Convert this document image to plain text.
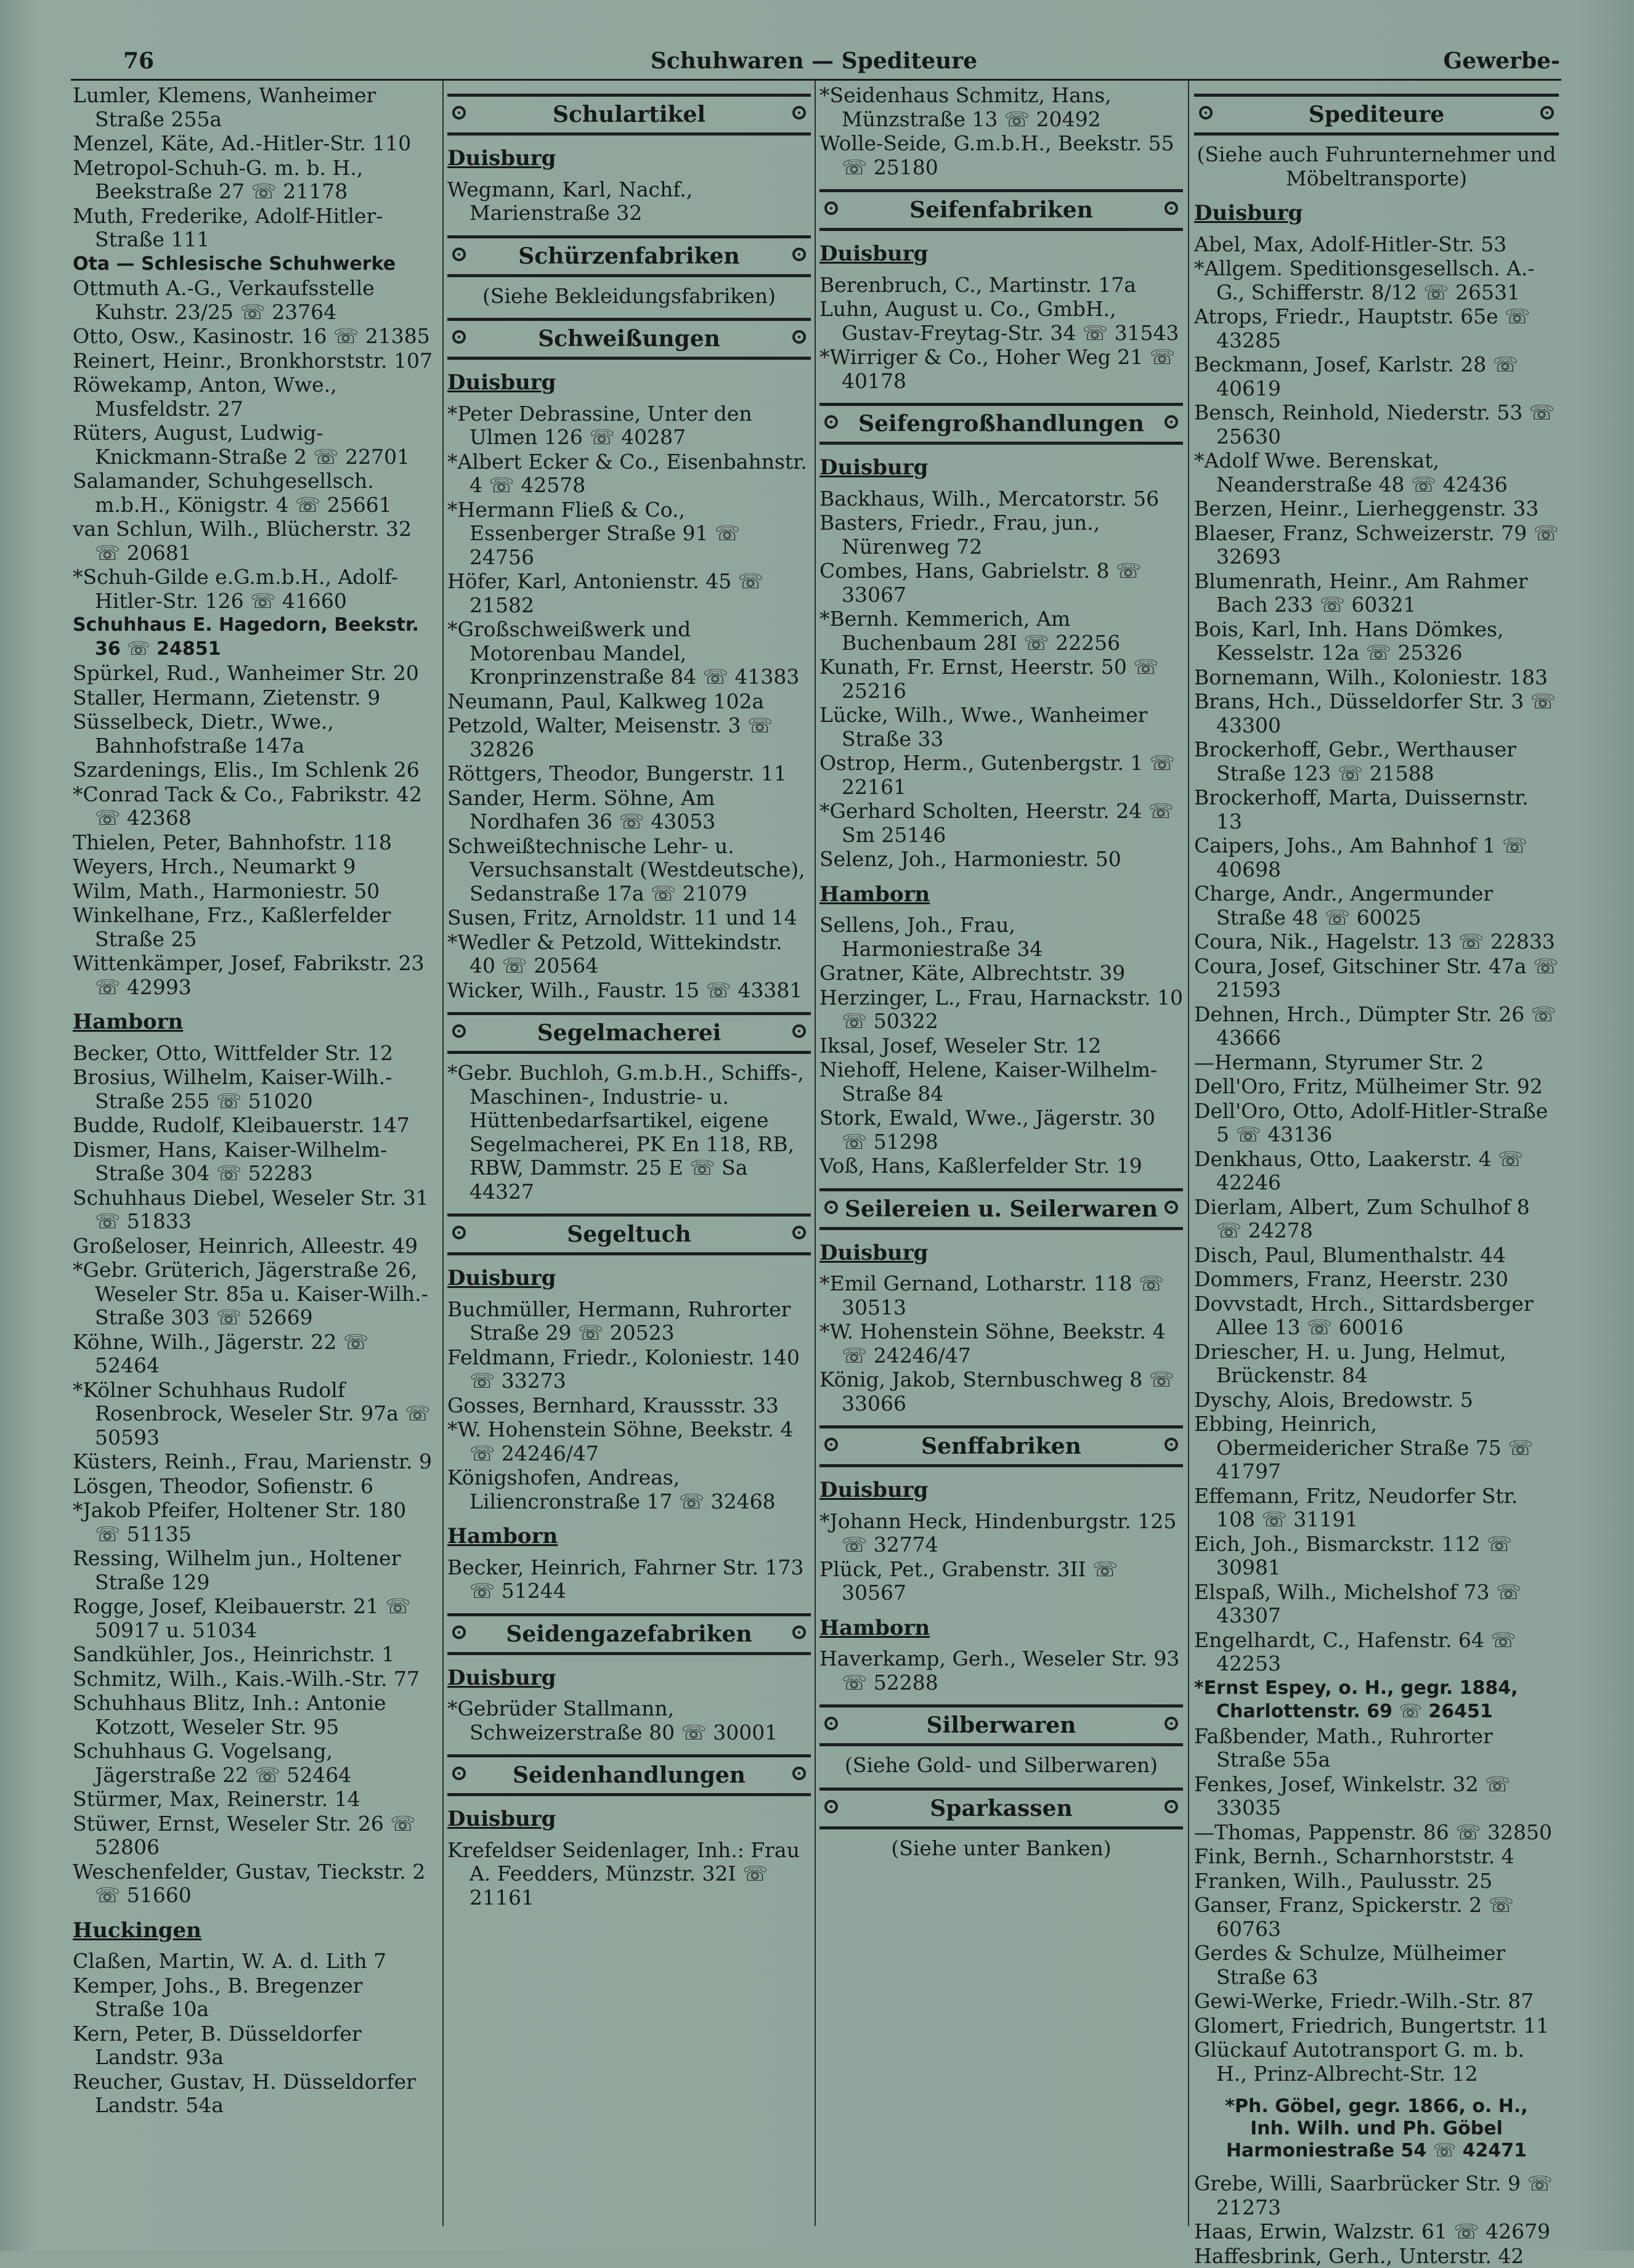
76	Schuhwaren — Spediteure	Gewerbe-
Lumler, Klemens, Wanheimer Straße 255a
Menzel, Käte, Ad.-Hitler-Str. 110
Metropol-Schuh-G. m. b. H., Beekstraße 27 ☏ 21178
Muth, Frederike, Adolf-Hitler-Straße 111
Ota — Schlesische Schuhwerke
Ottmuth A.-G., Verkaufsstelle Kuhstr. 23/25 ☏ 23764
Otto, Osw., Kasinostr. 16 ☏ 21385
Reinert, Heinr., Bronkhorststr. 107
Röwekamp, Anton, Wwe., Musfeldstr. 27
Rüters, August, Ludwig-Knickmann-Straße 2 ☏ 22701
Salamander, Schuhgesellsch. m.b.H., Königstr. 4 ☏ 25661
van Schlun, Wilh., Blücherstr. 32 ☏ 20681
*Schuh-Gilde e.G.m.b.H., Adolf-Hitler-Str. 126 ☏ 41660
Schuhhaus E. Hagedorn, Beekstr. 36 ☏ 24851
Spürkel, Rud., Wanheimer Str. 20
Staller, Hermann, Zietenstr. 9
Süsselbeck, Dietr., Wwe., Bahnhofstraße 147a
Szardenings, Elis., Im Schlenk 26
*Conrad Tack & Co., Fabrikstr. 42 ☏ 42368
Thielen, Peter, Bahnhofstr. 118
Weyers, Hrch., Neumarkt 9
Wilm, Math., Harmoniestr. 50
Winkelhane, Frz., Kaßlerfelder Straße 25
Wittenkämper, Josef, Fabrikstr. 23 ☏ 42993
Hamborn
Becker, Otto, Wittfelder Str. 12
Brosius, Wilhelm, Kaiser-Wilh.-Straße 255 ☏ 51020
Budde, Rudolf, Kleibauerstr. 147
Dismer, Hans, Kaiser-Wilhelm-Straße 304 ☏ 52283
Schuhhaus Diebel, Weseler Str. 31 ☏ 51833
Großeloser, Heinrich, Alleestr. 49
*Gebr. Grüterich, Jägerstraße 26, Weseler Str. 85a u. Kaiser-Wilh.-Straße 303 ☏ 52669
Köhne, Wilh., Jägerstr. 22 ☏ 52464
*Kölner Schuhhaus Rudolf Rosenbrock, Weseler Str. 97a ☏ 50593
Küsters, Reinh., Frau, Marienstr. 9
Lösgen, Theodor, Sofienstr. 6
*Jakob Pfeifer, Holtener Str. 180 ☏ 51135
Ressing, Wilhelm jun., Holtener Straße 129
Rogge, Josef, Kleibauerstr. 21 ☏ 50917 u. 51034
Sandkühler, Jos., Heinrichstr. 1
Schmitz, Wilh., Kais.-Wilh.-Str. 77
Schuhhaus Blitz, Inh.: Antonie Kotzott, Weseler Str. 95
Schuhhaus G. Vogelsang, Jägerstraße 22 ☏ 52464
Stürmer, Max, Reinerstr. 14
Stüwer, Ernst, Weseler Str. 26 ☏ 52806
Weschenfelder, Gustav, Tieckstr. 2 ☏ 51660
Huckingen
Claßen, Martin, W. A. d. Lith 7
Kemper, Johs., B. Bregenzer Straße 10a
Kern, Peter, B. Düsseldorfer Landstr. 93a
Reucher, Gustav, H. Düsseldorfer Landstr. 54a
Schulartikel
Duisburg
Wegmann, Karl, Nachf., Marienstraße 32
Schürzenfabriken
(Siehe Bekleidungsfabriken)
Schweißungen
Duisburg
*Peter Debrassine, Unter den Ulmen 126 ☏ 40287
*Albert Ecker & Co., Eisenbahnstr. 4 ☏ 42578
*Hermann Fließ & Co., Essenberger Straße 91 ☏ 24756
Höfer, Karl, Antonienstr. 45 ☏ 21582
*Großschweißwerk und Motorenbau Mandel, Kronprinzenstraße 84 ☏ 41383
Neumann, Paul, Kalkweg 102a
Petzold, Walter, Meisenstr. 3 ☏ 32826
Röttgers, Theodor, Bungerstr. 11
Sander, Herm. Söhne, Am Nordhafen 36 ☏ 43053
Schweißtechnische Lehr- u. Versuchsanstalt (Westdeutsche), Sedanstraße 17a ☏ 21079
Susen, Fritz, Arnoldstr. 11 und 14
*Wedler & Petzold, Wittekindstr. 40 ☏ 20564
Wicker, Wilh., Faustr. 15 ☏ 43381
Segelmacherei
*Gebr. Buchloh, G.m.b.H., Schiffs-, Maschinen-, Industrie- u. Hüttenbedarfsartikel, eigene Segelmacherei, PK En 118, RB, RBW, Dammstr. 25 E ☏ Sa 44327
Segeltuch
Duisburg
Buchmüller, Hermann, Ruhrorter Straße 29 ☏ 20523
Feldmann, Friedr., Koloniestr. 140 ☏ 33273
Gosses, Bernhard, Kraussstr. 33
*W. Hohenstein Söhne, Beekstr. 4 ☏ 24246/47
Königshofen, Andreas, Liliencronstraße 17 ☏ 32468
Hamborn
Becker, Heinrich, Fahrner Str. 173 ☏ 51244
Seidengazefabriken
Duisburg
*Gebrüder Stallmann, Schweizerstraße 80 ☏ 30001
Seidenhandlungen
Duisburg
Krefeldser Seidenlager, Inh.: Frau A. Feedders, Münzstr. 32I ☏ 21161
*Seidenhaus Schmitz, Hans, Münzstraße 13 ☏ 20492
Wolle-Seide, G.m.b.H., Beekstr. 55 ☏ 25180
Seifenfabriken
Duisburg
Berenbruch, C., Martinstr. 17a
Luhn, August u. Co., GmbH., Gustav-Freytag-Str. 34 ☏ 31543
*Wirriger & Co., Hoher Weg 21 ☏ 40178
Seifengroßhandlungen
Duisburg
Backhaus, Wilh., Mercatorstr. 56
Basters, Friedr., Frau, jun., Nürenweg 72
Combes, Hans, Gabrielstr. 8 ☏ 33067
*Bernh. Kemmerich, Am Buchenbaum 28I ☏ 22256
Kunath, Fr. Ernst, Heerstr. 50 ☏ 25216
Lücke, Wilh., Wwe., Wanheimer Straße 33
Ostrop, Herm., Gutenbergstr. 1 ☏ 22161
*Gerhard Scholten, Heerstr. 24 ☏ Sm 25146
Selenz, Joh., Harmoniestr. 50
Hamborn
Sellens, Joh., Frau, Harmoniestraße 34
Gratner, Käte, Albrechtstr. 39
Herzinger, L., Frau, Harnackstr. 10 ☏ 50322
Iksal, Josef, Weseler Str. 12
Niehoff, Helene, Kaiser-Wilhelm-Straße 84
Stork, Ewald, Wwe., Jägerstr. 30 ☏ 51298
Voß, Hans, Kaßlerfelder Str. 19
Seilereien u. Seilerwaren
Duisburg
*Emil Gernand, Lotharstr. 118 ☏ 30513
*W. Hohenstein Söhne, Beekstr. 4 ☏ 24246/47
König, Jakob, Sternbuschweg 8 ☏ 33066
Senffabriken
Duisburg
*Johann Heck, Hindenburgstr. 125 ☏ 32774
Plück, Pet., Grabenstr. 3II ☏ 30567
Hamborn
Haverkamp, Gerh., Weseler Str. 93 ☏ 52288
Silberwaren
(Siehe Gold- und Silberwaren)
Sparkassen
(Siehe unter Banken)
Spediteure
(Siehe auch Fuhrunternehmer und Möbeltransporte)
Duisburg
Abel, Max, Adolf-Hitler-Str. 53
*Allgem. Speditionsgesellsch. A.-G., Schifferstr. 8/12 ☏ 26531
Atrops, Friedr., Hauptstr. 65e ☏ 43285
Beckmann, Josef, Karlstr. 28 ☏ 40619
Bensch, Reinhold, Niederstr. 53 ☏ 25630
*Adolf Wwe. Berenskat, Neanderstraße 48 ☏ 42436
Berzen, Heinr., Lierheggenstr. 33
Blaeser, Franz, Schweizerstr. 79 ☏ 32693
Blumenrath, Heinr., Am Rahmer Bach 233 ☏ 60321
Bois, Karl, Inh. Hans Dömkes, Kesselstr. 12a ☏ 25326
Bornemann, Wilh., Koloniestr. 183
Brans, Hch., Düsseldorfer Str. 3 ☏ 43300
Brockerhoff, Gebr., Werthauser Straße 123 ☏ 21588
Brockerhoff, Marta, Duissernstr. 13
Caipers, Johs., Am Bahnhof 1 ☏ 40698
Charge, Andr., Angermunder Straße 48 ☏ 60025
Coura, Nik., Hagelstr. 13 ☏ 22833
Coura, Josef, Gitschiner Str. 47a ☏ 21593
Dehnen, Hrch., Dümpter Str. 26 ☏ 43666
—Hermann, Styrumer Str. 2
Dell'Oro, Fritz, Mülheimer Str. 92
Dell'Oro, Otto, Adolf-Hitler-Straße 5 ☏ 43136
Denkhaus, Otto, Laakerstr. 4 ☏ 42246
Dierlam, Albert, Zum Schulhof 8 ☏ 24278
Disch, Paul, Blumenthalstr. 44
Dommers, Franz, Heerstr. 230
Dovvstadt, Hrch., Sittardsberger Allee 13 ☏ 60016
Driescher, H. u. Jung, Helmut, Brückenstr. 84
Dyschy, Alois, Bredowstr. 5
Ebbing, Heinrich, Obermeidericher Straße 75 ☏ 41797
Effemann, Fritz, Neudorfer Str. 108 ☏ 31191
Eich, Joh., Bismarckstr. 112 ☏ 30981
Elspaß, Wilh., Michelshof 73 ☏ 43307
Engelhardt, C., Hafenstr. 64 ☏ 42253
*Ernst Espey, o. H., gegr. 1884, Charlottenstr. 69 ☏ 26451
Faßbender, Math., Ruhrorter Straße 55a
Fenkes, Josef, Winkelstr. 32 ☏ 33035
—Thomas, Pappenstr. 86 ☏ 32850
Fink, Bernh., Scharnhorststr. 4
Franken, Wilh., Paulusstr. 25
Ganser, Franz, Spickerstr. 2 ☏ 60763
Gerdes & Schulze, Mülheimer Straße 63
Gewi-Werke, Friedr.-Wilh.-Str. 87
Glomert, Friedrich, Bungertstr. 11
Glückauf Autotransport G. m. b. H., Prinz-Albrecht-Str. 12
*Ph. Göbel, gegr. 1866, o. H.,
Inh. Wilh. und Ph. Göbel
Harmoniestraße 54 ☏ 42471
Grebe, Willi, Saarbrücker Str. 9 ☏ 21273
Haas, Erwin, Walzstr. 61 ☏ 42679
Haffesbrink, Gerh., Unterstr. 42
